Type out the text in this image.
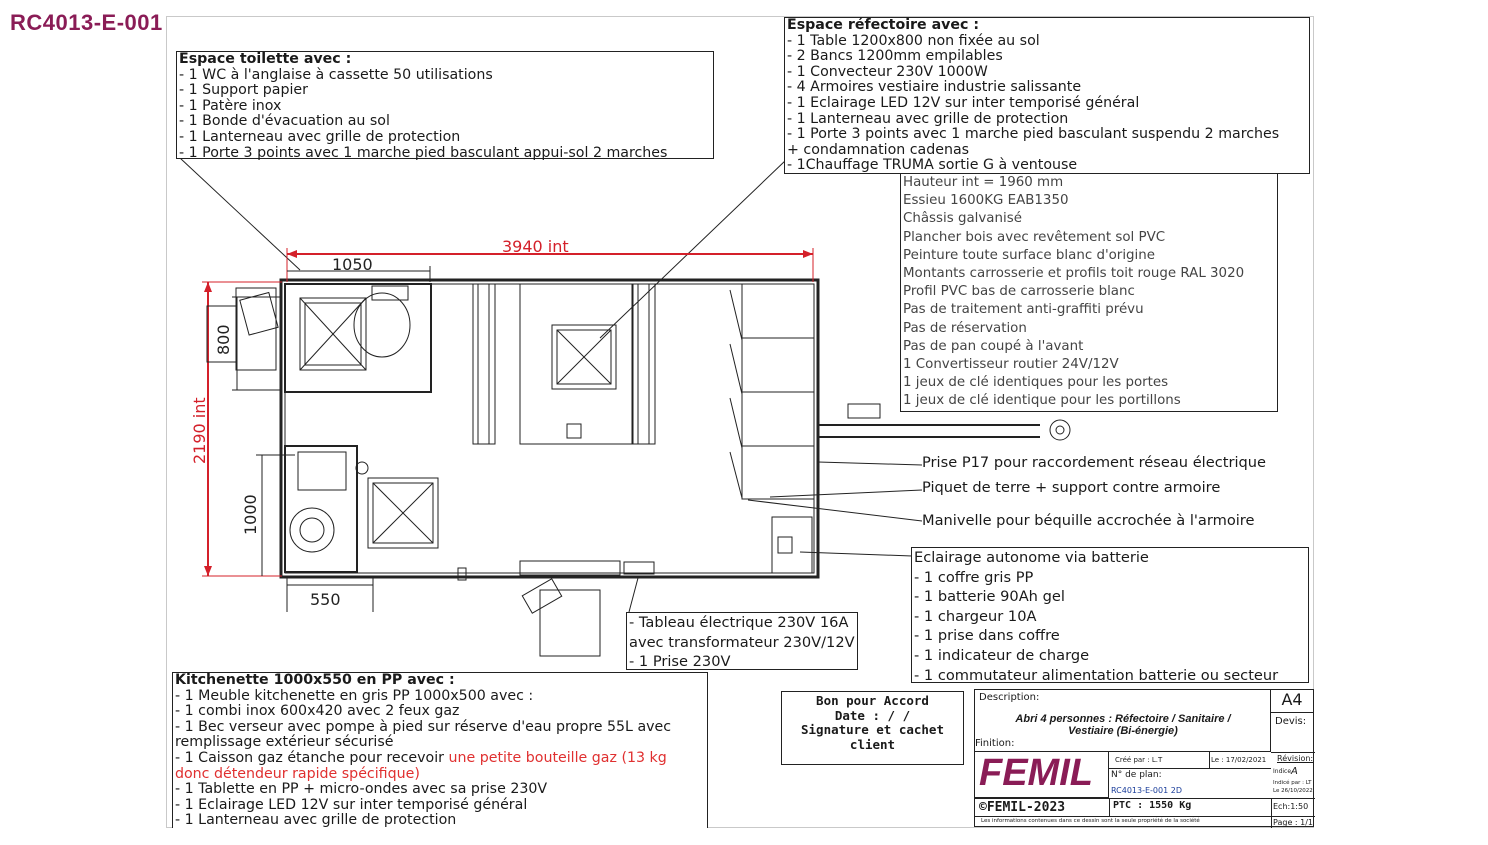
RC4013-E-001
3940 int
1050
2190 int
800
1000
550
Espace toilette avec :
- 1 WC à l'anglaise à cassette 50 utilisations
- 1 Support papier
- 1 Patère inox
- 1 Bonde d'évacuation au sol
- 1 Lanterneau avec grille de protection
- 1 Porte 3 points avec 1 marche pied basculant appui-sol 2 marches
Espace réfectoire avec :
- 1 Table 1200x800 non fixée au sol
- 2 Bancs 1200mm empilables
- 1 Convecteur 230V 1000W
- 4 Armoires vestiaire industrie salissante
- 1 Eclairage LED 12V sur inter temporisé général
- 1 Lanterneau avec grille de protection
- 1 Porte 3 points avec 1 marche pied basculant suspendu 2 marches
+ condamnation cadenas
- 1Chauffage TRUMA sortie G à ventouse
Hauteur int = 1960 mm
Essieu 1600KG EAB1350
Châssis galvanisé
Plancher bois avec revêtement sol PVC
Peinture toute surface blanc d'origine
Montants carrosserie et profils toit rouge RAL 3020
Profil PVC bas de carrosserie blanc
Pas de traitement anti-graffiti prévu
Pas de réservation
Pas de pan coupé à l'avant
1 Convertisseur routier 24V/12V
1 jeux de clé identiques pour les portes
1 jeux de clé identique pour les portillons
Prise P17 pour raccordement réseau électrique
Piquet de terre + support contre armoire
Manivelle pour béquille accrochée à l'armoire
Eclairage autonome via batterie
- 1 coffre gris PP
- 1 batterie 90Ah gel
- 1 chargeur 10A
- 1 prise dans coffre
- 1 indicateur de charge
- 1 commutateur alimentation batterie ou secteur
- Tableau électrique 230V 16A
avec transformateur 230V/12V
- 1 Prise 230V
Kitchenette 1000x550 en PP avec :
- 1 Meuble kitchenette en gris PP 1000x500 avec :
- 1 combi inox 600x420 avec 2 feux gaz
- 1 Bec verseur avec pompe à pied sur réserve d'eau propre 55L avec
remplissage extérieur sécurisé
- 1 Caisson gaz étanche pour recevoir une petite bouteille gaz (13 kg
donc détendeur rapide spécifique)
- 1 Tablette en PP + micro-ondes avec sa prise 230V
- 1 Eclairage LED 12V sur inter temporisé général
- 1 Lanterneau avec grille de protection
Bon pour Accord
Date : / /
Signature et cachet client
Description:
Abri 4 personnes : Réfectoire / Sanitaire /
Vestiaire (Bi-énergie)
Finition:
A4
Devis:
FEMIL	Créé par : L.T	Le : 17/02/2021
N° de plan:
RC4013-E-001 2D
Révision:
Indice A
Indicé par : LT
Le 26/10/2022
©FEMIL-2023	PTC : 1550 Kg	Ech:1:50
Les informations contenues dans ce dessin sont la seule propriété de la société	Page : 1/1
